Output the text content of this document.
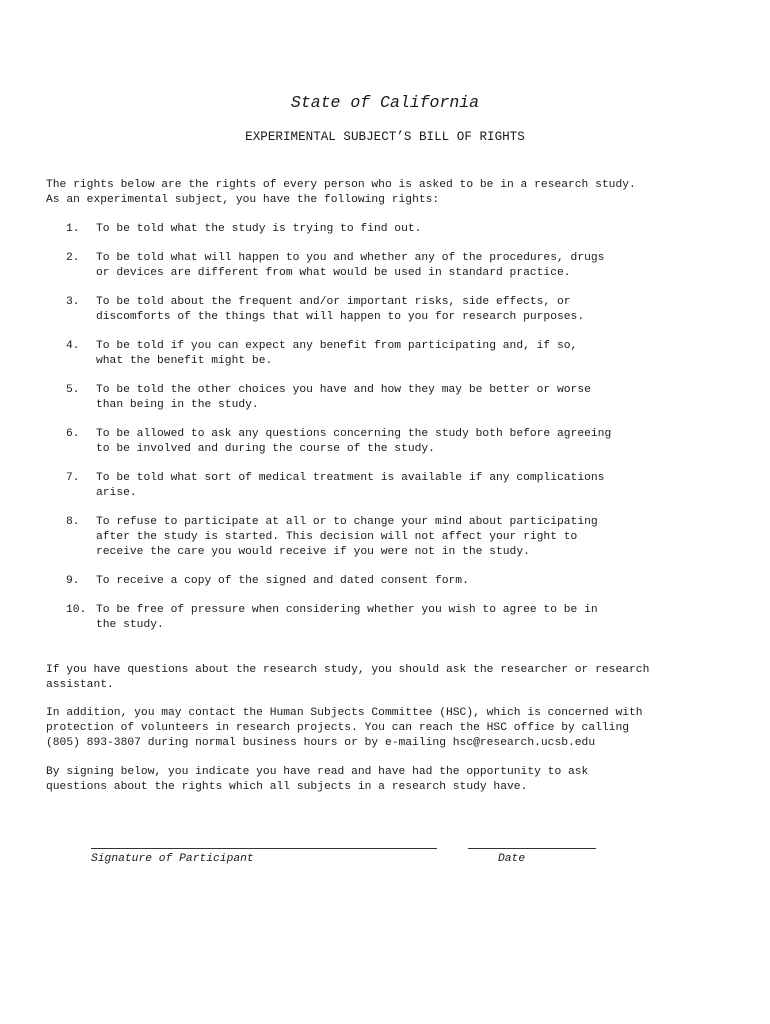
State of California
EXPERIMENTAL SUBJECT’S BILL OF RIGHTS
The rights below are the rights of every person who is asked to be in a research study.
As an experimental subject, you have the following rights:
1.	To be told what the study is trying to find out.
2.	To be told what will happen to you and whether any of the procedures, drugs
or devices are different from what would be used in standard practice.
3.	To be told about the frequent and/or important risks, side effects, or
discomforts of the things that will happen to you for research purposes.
4.	To be told if you can expect any benefit from participating and, if so,
what the benefit might be.
5.	To be told the other choices you have and how they may be better or worse
than being in the study.
6.	To be allowed to ask any questions concerning the study both before agreeing
to be involved and during the course of the study.
7.	To be told what sort of medical treatment is available if any complications
arise.
8.	To refuse to participate at all or to change your mind about participating
after the study is started. This decision will not affect your right to
receive the care you would receive if you were not in the study.
9.	To receive a copy of the signed and dated consent form.
10. To be free of pressure when considering whether you wish to agree to be in
the study.
If you have questions about the research study, you should ask the researcher or research
assistant.
In addition, you may contact the Human Subjects Committee (HSC), which is concerned with
protection of volunteers in research projects. You can reach the HSC office by calling
(805) 893-3807 during normal business hours or by e-mailing hsc@research.ucsb.edu
By signing below, you indicate you have read and have had the opportunity to ask
questions about the rights which all subjects in a research study have.
Signature of Participant	Date
